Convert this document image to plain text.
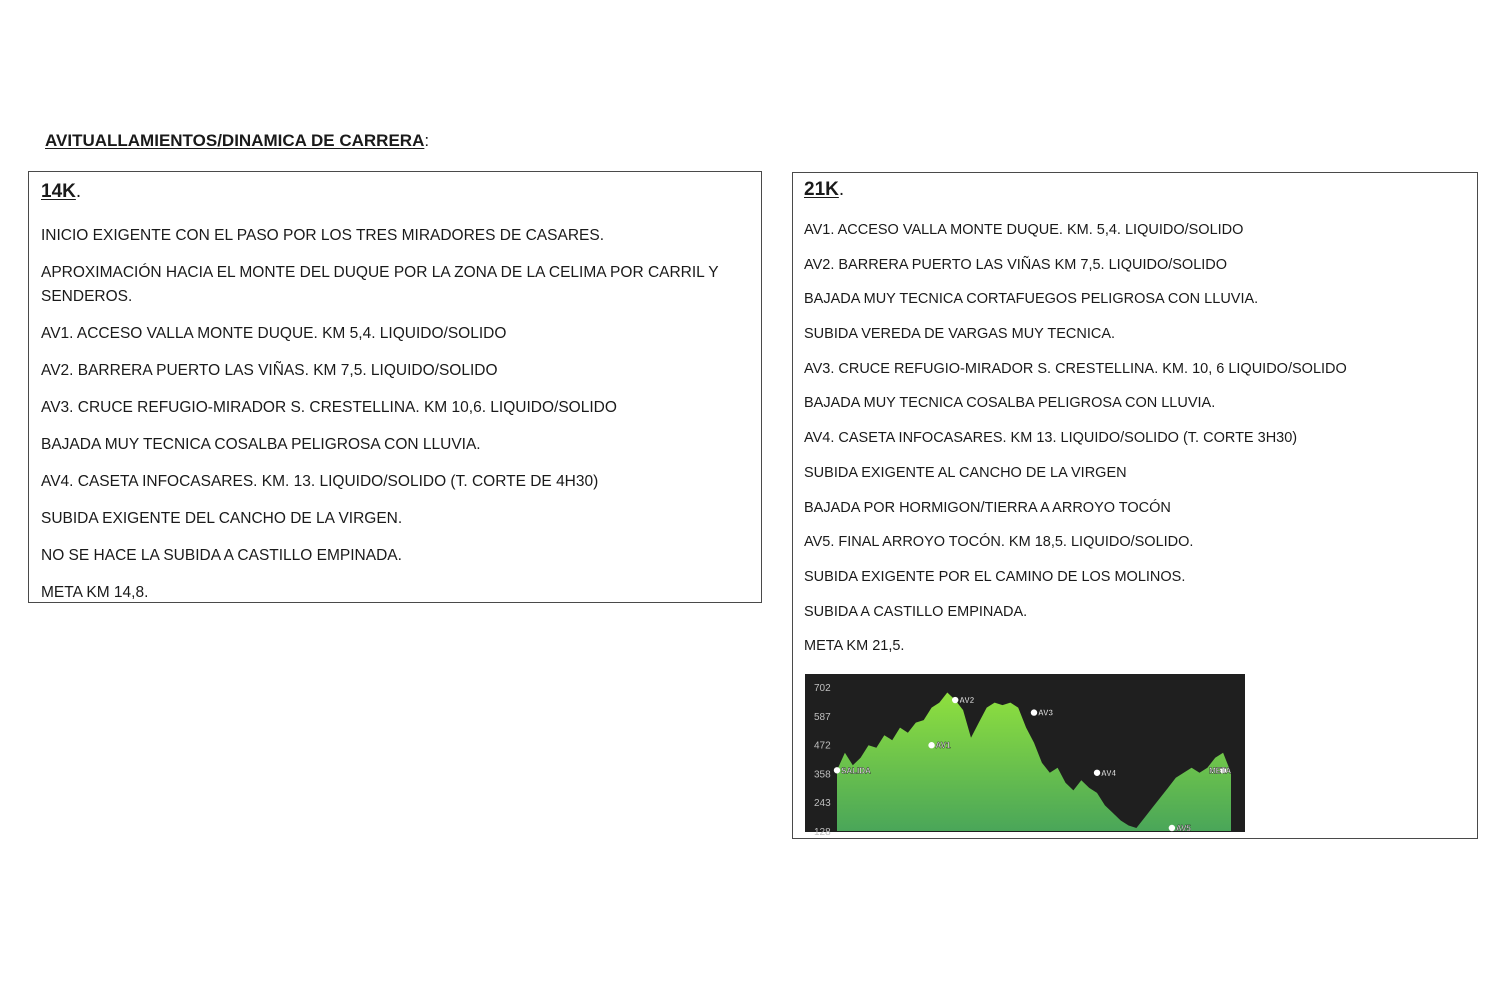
AVITUALLAMIENTOS/DINAMICA DE CARRERA:
14K.
INICIO EXIGENTE CON EL PASO POR LOS TRES MIRADORES DE CASARES.
APROXIMACIÓN HACIA EL MONTE DEL DUQUE POR LA ZONA DE LA CELIMA POR CARRIL Y SENDEROS.
AV1. ACCESO VALLA MONTE DUQUE. KM 5,4. LIQUIDO/SOLIDO
AV2. BARRERA PUERTO LAS VIÑAS. KM 7,5. LIQUIDO/SOLIDO
AV3. CRUCE REFUGIO-MIRADOR S. CRESTELLINA. KM 10,6. LIQUIDO/SOLIDO
BAJADA MUY TECNICA COSALBA PELIGROSA CON LLUVIA.
AV4. CASETA INFOCASARES. KM. 13. LIQUIDO/SOLIDO (T. CORTE DE 4H30)
SUBIDA EXIGENTE DEL CANCHO DE LA VIRGEN.
NO SE HACE LA SUBIDA A CASTILLO EMPINADA.
META KM 14,8.
21K.
AV1. ACCESO VALLA MONTE DUQUE. KM. 5,4. LIQUIDO/SOLIDO
AV2. BARRERA PUERTO LAS VIÑAS KM 7,5. LIQUIDO/SOLIDO
BAJADA MUY TECNICA CORTAFUEGOS PELIGROSA CON LLUVIA.
SUBIDA VEREDA DE VARGAS MUY TECNICA.
AV3. CRUCE REFUGIO-MIRADOR S. CRESTELLINA. KM. 10, 6 LIQUIDO/SOLIDO
BAJADA MUY TECNICA COSALBA PELIGROSA CON LLUVIA.
AV4. CASETA INFOCASARES. KM 13. LIQUIDO/SOLIDO (T. CORTE 3H30)
SUBIDA EXIGENTE AL CANCHO DE LA VIRGEN
BAJADA POR HORMIGON/TIERRA A ARROYO TOCÓN
AV5. FINAL ARROYO TOCÓN. KM 18,5. LIQUIDO/SOLIDO.
SUBIDA EXIGENTE POR EL CAMINO DE LOS MOLINOS.
SUBIDA A CASTILLO EMPINADA.
META KM 21,5.
702
587
472
358
243
128
SALIDA
AV1
AV2
AV3
AV4
AV5
META
